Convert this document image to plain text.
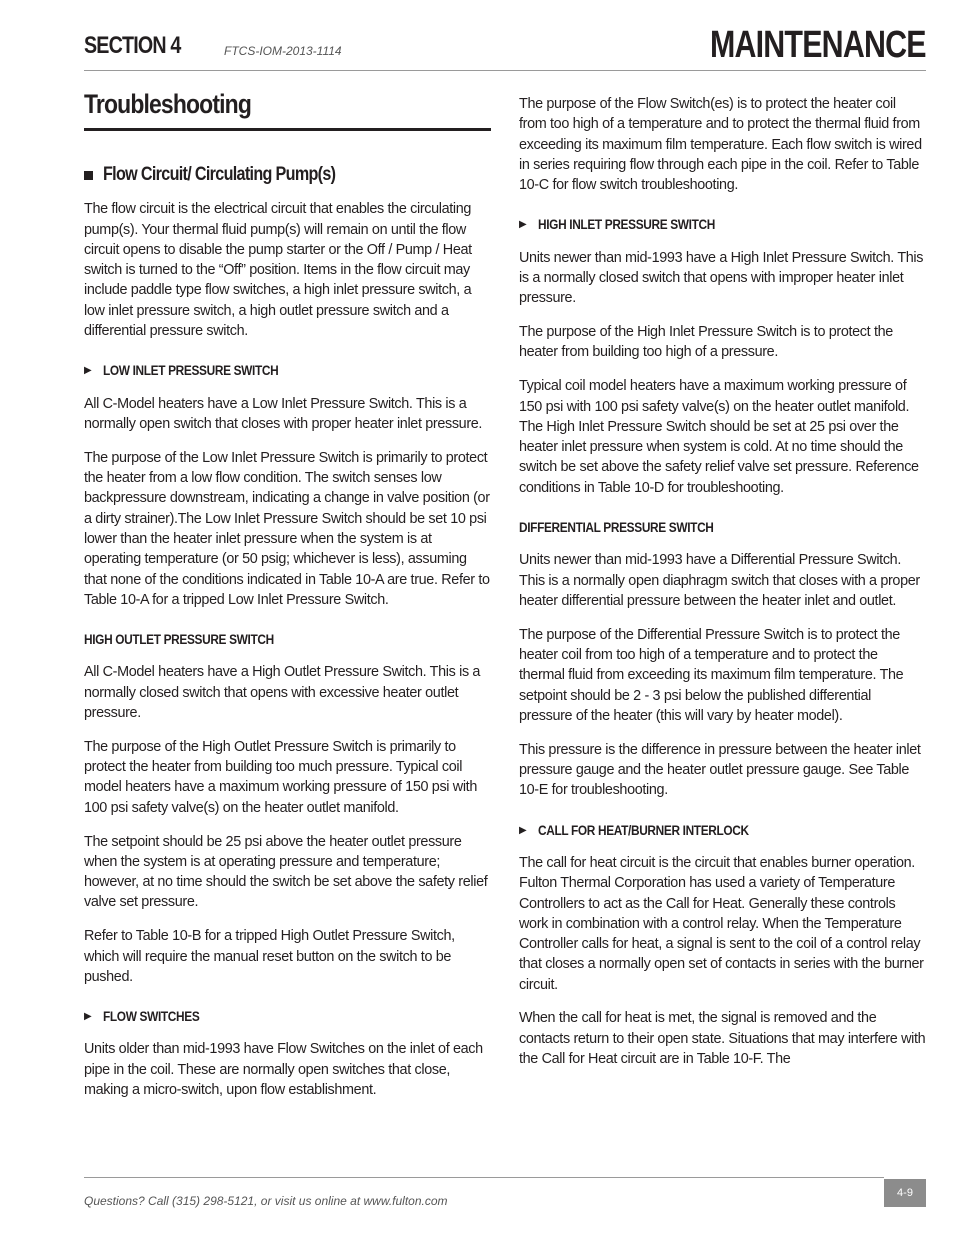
SECTION 4	FTCS-IOM-2013-1114	MAINTENANCE
Troubleshooting
Flow Circuit/ Circulating Pump(s)

The flow circuit is the electrical circuit that enables the circulating pump(s). Your thermal fluid pump(s) will remain on until the flow circuit opens to disable the pump starter or the Off / Pump / Heat switch is turned to the “Off” position. Items in the flow circuit may include paddle type flow switches, a high inlet pressure switch, a low inlet pressure switch, a high outlet pressure switch and a differential pressure switch.

▶ LOW INLET PRESSURE SWITCH

All C-Model heaters have a Low Inlet Pressure Switch. This is a normally open switch that closes with proper heater inlet pressure.

The purpose of the Low Inlet Pressure Switch is primarily to protect the heater from a low flow condition. The switch senses low backpressure downstream, indicating a change in valve position (or a dirty strainer).The Low Inlet Pressure Switch should be set 10 psi lower than the heater inlet pressure when the system is at operating temperature (or 50 psig; whichever is less), assuming that none of the conditions indicated in Table 10-A are true. Refer to Table 10-A for a tripped Low Inlet Pressure Switch.

HIGH OUTLET PRESSURE SWITCH

All C-Model heaters have a High Outlet Pressure Switch. This is a normally closed switch that opens with excessive heater outlet pressure.

The purpose of the High Outlet Pressure Switch is primarily to protect the heater from building too much pressure. Typical coil model heaters have a maximum working pressure of 150 psi with 100 psi safety valve(s) on the heater outlet manifold.

The setpoint should be 25 psi above the heater outlet pressure when the system is at operating pressure and temperature; however, at no time should the switch be set above the safety relief valve set pressure.

Refer to Table 10-B for a tripped High Outlet Pressure Switch, which will require the manual reset button on the switch to be pushed.

▶ FLOW SWITCHES

Units older than mid-1993 have Flow Switches on the inlet of each pipe in the coil. These are normally open switches that close, making a micro-switch, upon flow establishment.

The purpose of the Flow Switch(es) is to protect the heater coil from too high of a temperature and to protect the thermal fluid from exceeding its maximum film temperature. Each flow switch is wired in series requiring flow through each pipe in the coil. Refer to Table 10-C for flow switch troubleshooting.

▶ HIGH INLET PRESSURE SWITCH

Units newer than mid-1993 have a High Inlet Pressure Switch. This is a normally closed switch that opens with improper heater inlet pressure.

The purpose of the High Inlet Pressure Switch is to protect the heater from building too high of a pressure.

Typical coil model heaters have a maximum working pressure of 150 psi with 100 psi safety valve(s) on the heater outlet manifold. The High Inlet Pressure Switch should be set at 25 psi over the heater inlet pressure when system is cold. At no time should the switch be set above the safety relief valve set pressure. Reference conditions in Table 10-D for troubleshooting.

DIFFERENTIAL PRESSURE SWITCH

Units newer than mid-1993 have a Differential Pressure Switch. This is a normally open diaphragm switch that closes with a proper heater differential pressure between the heater inlet and outlet.

The purpose of the Differential Pressure Switch is to protect the heater coil from too high of a temperature and to protect the thermal fluid from exceeding its maximum film temperature. The setpoint should be 2 - 3 psi below the published differential pressure of the heater (this will vary by heater model).

This pressure is the difference in pressure between the heater inlet pressure gauge and the heater outlet pressure gauge. See Table 10-E for troubleshooting.

▶ CALL FOR HEAT/BURNER INTERLOCK

The call for heat circuit is the circuit that enables burner operation. Fulton Thermal Corporation has used a variety of Temperature Controllers to act as the Call for Heat. Generally these controls work in combination with a control relay. When the Temperature Controller calls for heat, a signal is sent to the coil of a control relay that closes a normally open set of contacts in series with the burner circuit.

When the call for heat is met, the signal is removed and the contacts return to their open state. Situations that may interfere with the Call for Heat circuit are in Table 10-F. The

Questions? Call (315) 298-5121, or visit us online at www.fulton.com
4-9
